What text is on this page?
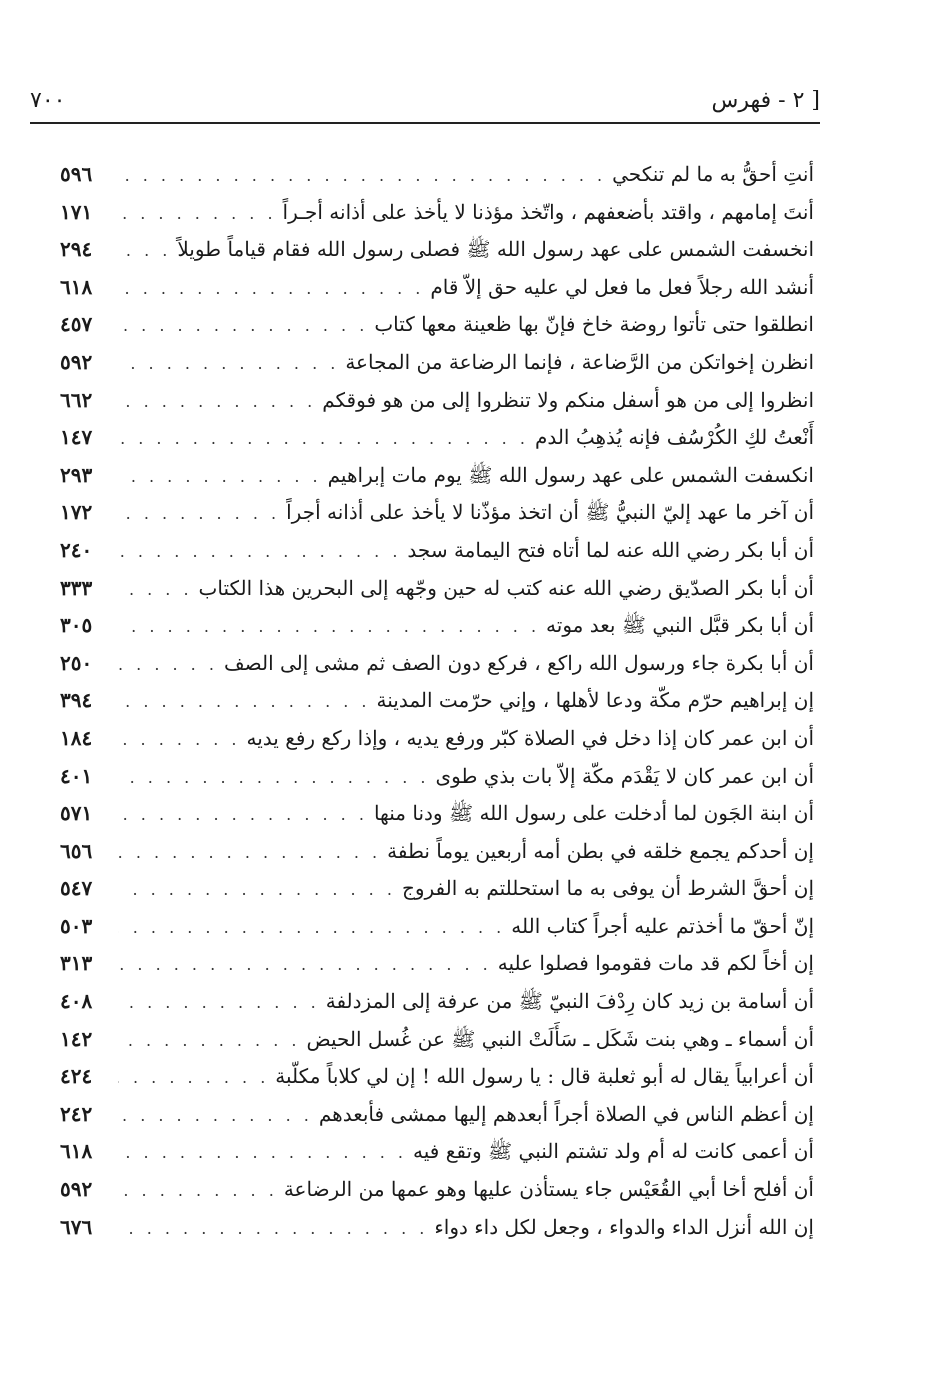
٧٠٠	[ ٢ - فهرس
أنتِ أحقُّ به ما لم تنكحي
. . .
٥٩٦
أنتَ إمامهم ، واقتد بأضعفهم ، واتّخذ مؤذنا لا يأخذ على أذانه أجـراً
. . .
١٧١
انخسفت الشمس على عهد رسول الله ﷺ فصلى رسول الله فقام قياماً طويلاً
. . .
٢٩٤
أنشد الله رجلاً فعل ما فعل لي عليه حق إلاّ قام
. . .
٦١٨
انطلقوا حتى تأتوا روضة خاخ فإنّ بها ظعينة معها كتاب
. . .
٤٥٧
انظرن إخواتكن من الرَّضاعة ، فإنما الرضاعة من المجاعة
. . .
٥٩٢
انظروا إلى من هو أسفل منكم ولا تنظروا إلى من هو فوقكم
. . .
٦٦٢
أَنْعتُ لكِ الكُرْسُف فإنه يُذهِبُ الدم
. . .
١٤٧
انكسفت الشمس على عهد رسول الله ﷺ يوم مات إبراهيم
. . .
٢٩٣
أن آخر ما عهد إليّ النبيُّ ﷺ أن اتخذ مؤذّنا لا يأخذ على أذانه أجراً
. . .
١٧٢
أن أبا بكر رضي الله عنه لما أتاه فتح اليمامة سجد
. . .
٢٤٠
أن أبا بكر الصدّيق رضي الله عنه كتب له حين وجّهه إلى البحرين هذا الكتاب
. . .
٣٣٣
أن أبا بكر قبَّل النبي ﷺ بعد موته
. . .
٣٠٥
أن أبا بكرة جاء ورسول الله راكع ، فركع دون الصف ثم مشى إلى الصف
. . .
٢٥٠
إن إبراهيم حرّم مكّة ودعا لأهلها ، وإني حرّمت المدينة
. . .
٣٩٤
أن ابن عمر كان إذا دخل في الصلاة كبّر ورفع يديه ، وإذا ركع رفع يديه
. . .
١٨٤
أن ابن عمر كان لا يَقْدَم مكّة إلاّ بات بذي طوى
. . .
٤٠١
أن ابنة الجَون لما أدخلت على رسول الله ﷺ ودنا منها
. . .
٥٧١
إن أحدكم يجمع خلقه في بطن أمه أربعين يوماً نطفة
. . .
٦٥٦
إن أحقَّ الشرط أن يوفى به ما استحللتم به الفروج
. . .
٥٤٧
إنّ أحقّ ما أخذتم عليه أجراً كتاب الله
. . .
٥٠٣
إن أخاً لكم قد مات فقوموا فصلوا عليه
. . .
٣١٣
أن أسامة بن زيد كان رِدْفَ النبيّ ﷺ من عرفة إلى المزدلفة
. . .
٤٠٨
أن أسماء ـ وهي بنت شَكَل ـ سَأَلَتْ النبي ﷺ عن غُسل الحيض
. . .
١٤٢
أن أعرابياً يقال له أبو ثعلبة قال : يا رسول الله ! إن لي كلاباً مكلّبة
. . .
٤٢٤
إن أعظم الناس في الصلاة أجراً أبعدهم إليها ممشى فأبعدهم
. . .
٢٤٢
أن أعمى كانت له أم ولد تشتم النبي ﷺ وتقع فيه
. . .
٦١٨
أن أفلح أخا أبي القُعَيْس جاء يستأذن عليها وهو عمها من الرضاعة
. . .
٥٩٢
إن الله أنزل الداء والدواء ، وجعل لكل داء دواء
. . .
٦٧٦
